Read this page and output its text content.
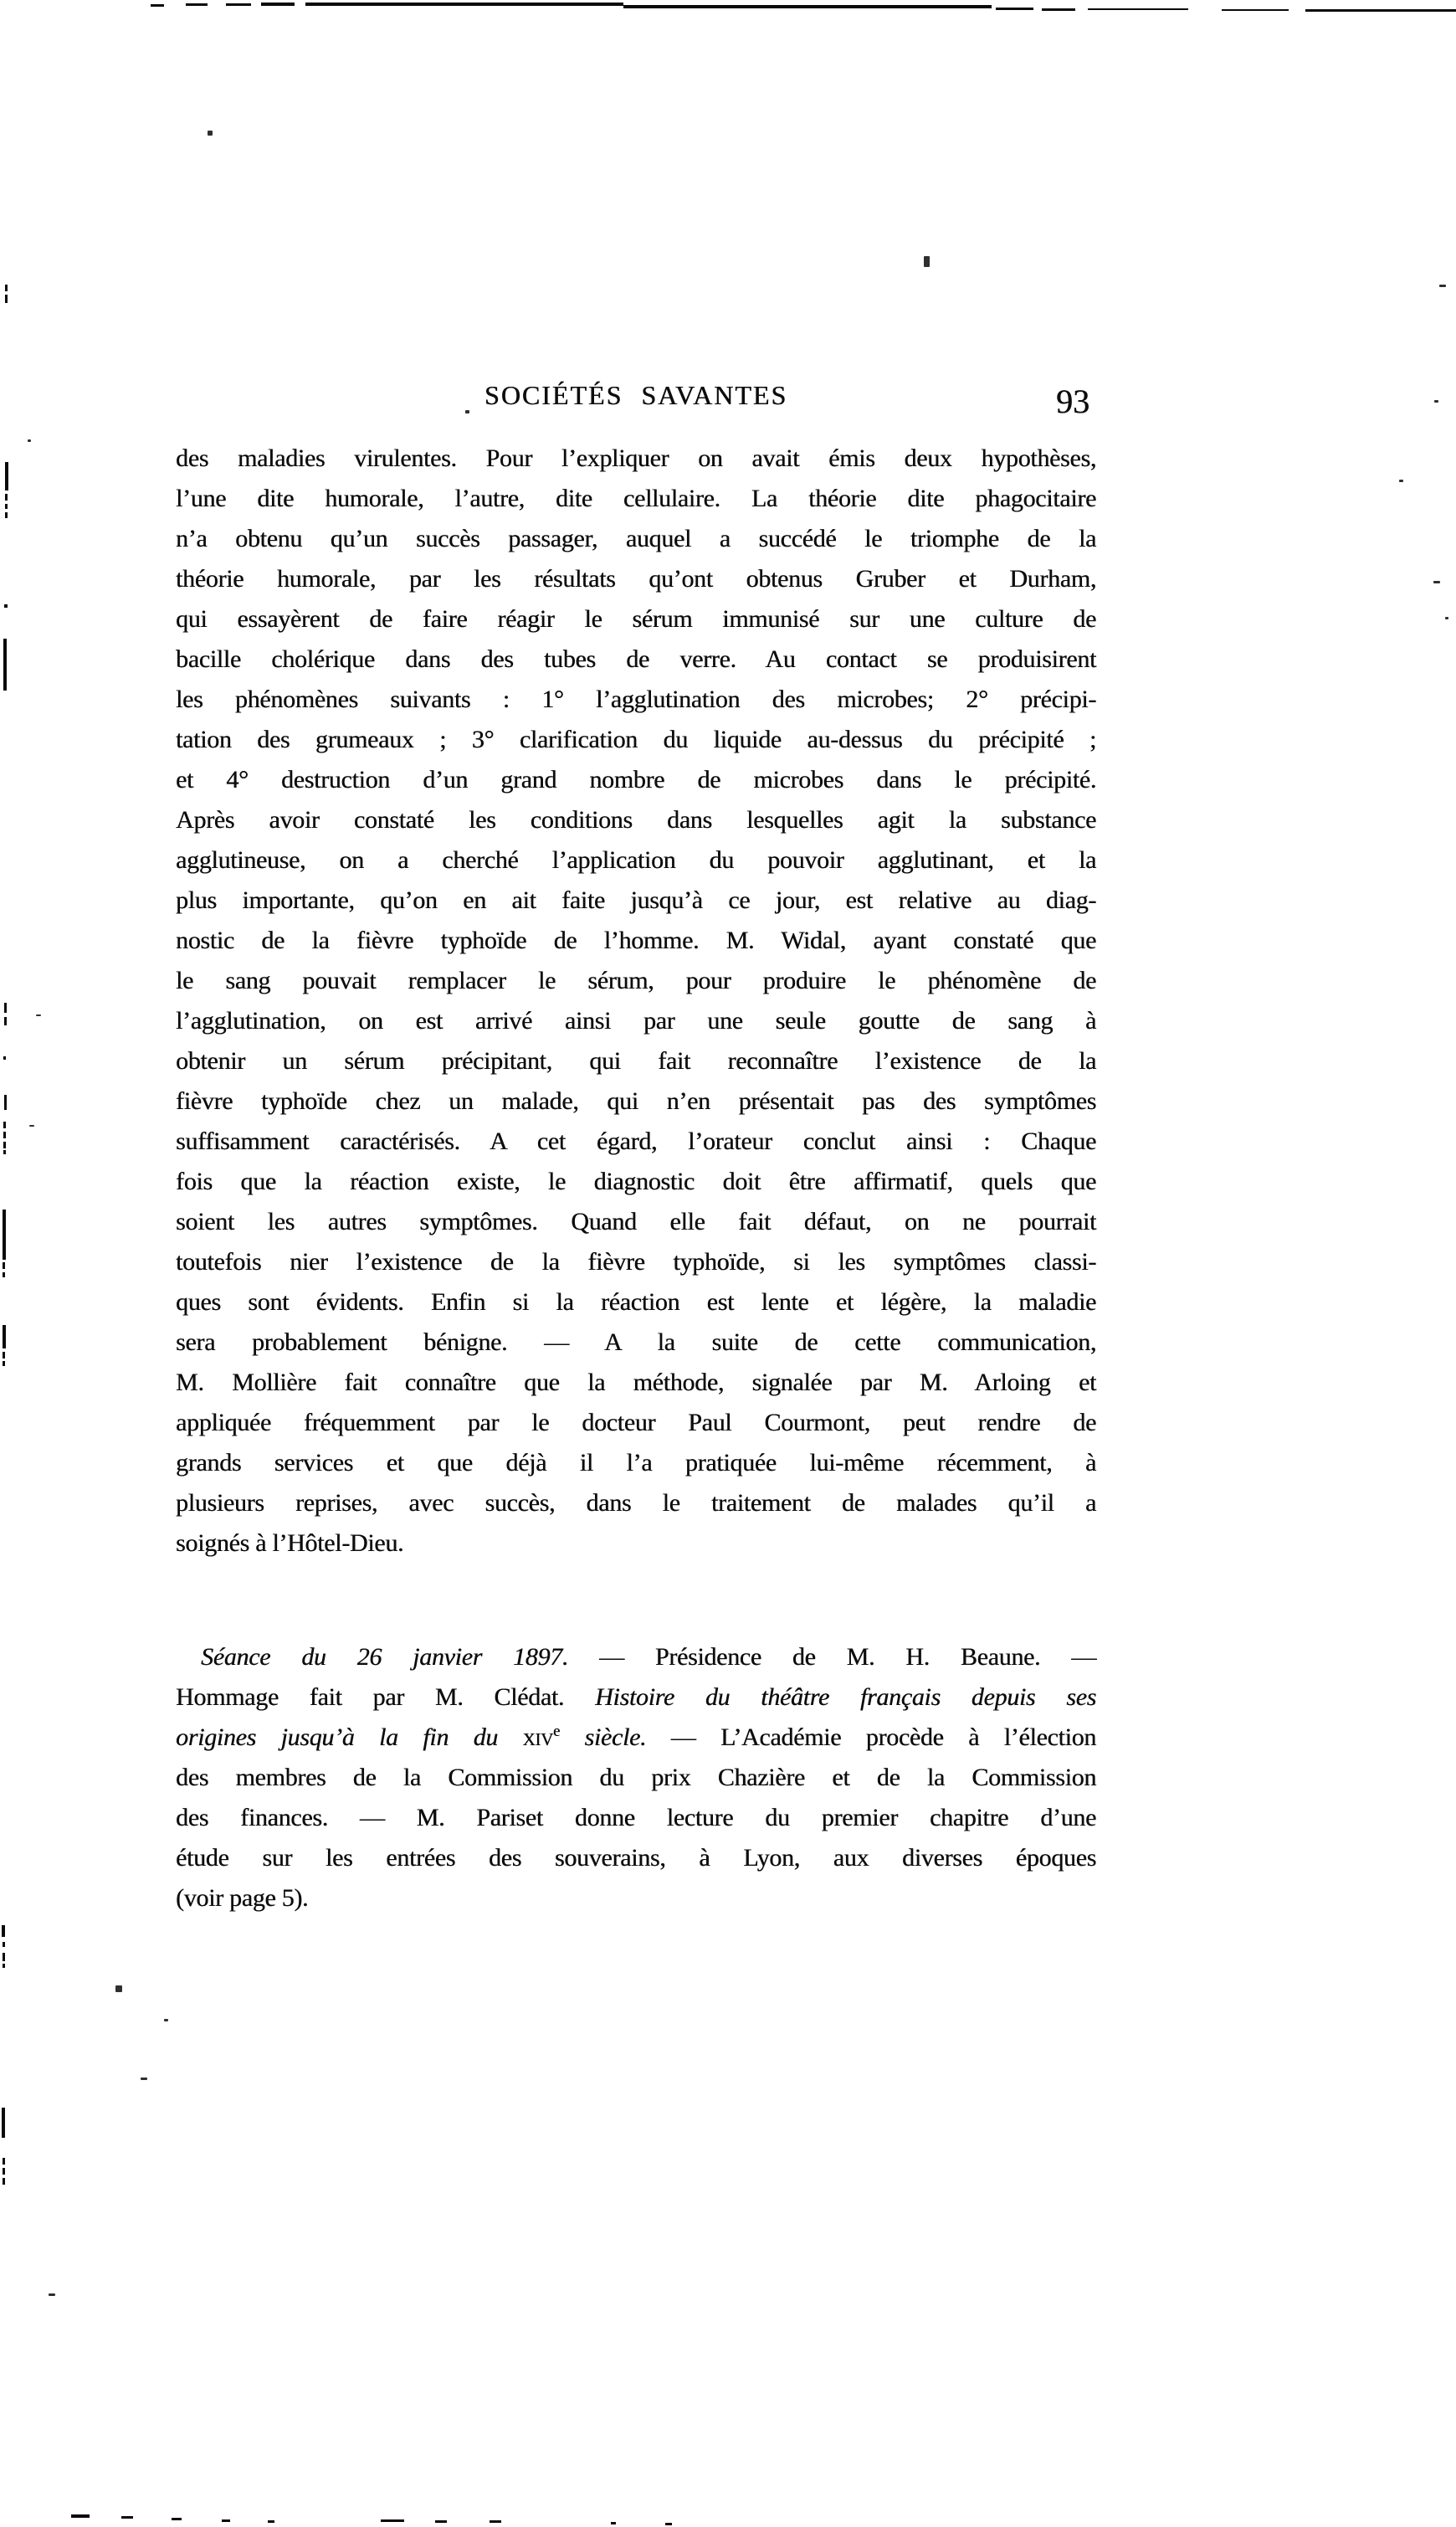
SOCIÉTÉS SAVANTES	93
des maladies virulentes. Pour l’expliquer on avait émis deux hypothèses,
l’une dite humorale, l’autre, dite cellulaire. La théorie dite phagocitaire
n’a obtenu qu’un succès passager, auquel a succédé le triomphe de la
théorie humorale, par les résultats qu’ont obtenus Gruber et Durham,
qui essayèrent de faire réagir le sérum immunisé sur une culture de
bacille cholérique dans des tubes de verre. Au contact se produisirent
les phénomènes suivants : 1° l’agglutination des microbes; 2° précipi-
tation des grumeaux ; 3° clarification du liquide au-dessus du précipité ;
et 4° destruction d’un grand nombre de microbes dans le précipité.
Après avoir constaté les conditions dans lesquelles agit la substance
agglutineuse, on a cherché l’application du pouvoir agglutinant, et la
plus importante, qu’on en ait faite jusqu’à ce jour, est relative au diag-
nostic de la fièvre typhoïde de l’homme. M. Widal, ayant constaté que
le sang pouvait remplacer le sérum, pour produire le phénomène de
l’agglutination, on est arrivé ainsi par une seule goutte de sang à
obtenir un sérum précipitant, qui fait reconnaître l’existence de la
fièvre typhoïde chez un malade, qui n’en présentait pas des symptômes
suffisamment caractérisés. A cet égard, l’orateur conclut ainsi : Chaque
fois que la réaction existe, le diagnostic doit être affirmatif, quels que
soient les autres symptômes. Quand elle fait défaut, on ne pourrait
toutefois nier l’existence de la fièvre typhoïde, si les symptômes classi-
ques sont évidents. Enfin si la réaction est lente et légère, la maladie
sera probablement bénigne. — A la suite de cette communication,
M. Mollière fait connaître que la méthode, signalée par M. Arloing et
appliquée fréquemment par le docteur Paul Courmont, peut rendre de
grands services et que déjà il l’a pratiquée lui-même récemment, à
plusieurs reprises, avec succès, dans le traitement de malades qu’il a
soignés à l’Hôtel-Dieu.
Séance du 26 janvier 1897. — Présidence de M. H. Beaune. —
Hommage fait par M. Clédat. Histoire du théâtre français depuis ses
origines jusqu’à la fin du xiv$^e$ siècle. — L’Académie procède à l’élection
des membres de la Commission du prix Chazière et de la Commission
des finances. — M. Pariset donne lecture du premier chapitre d’une
étude sur les entrées des souverains, à Lyon, aux diverses époques
(voir page 5).
